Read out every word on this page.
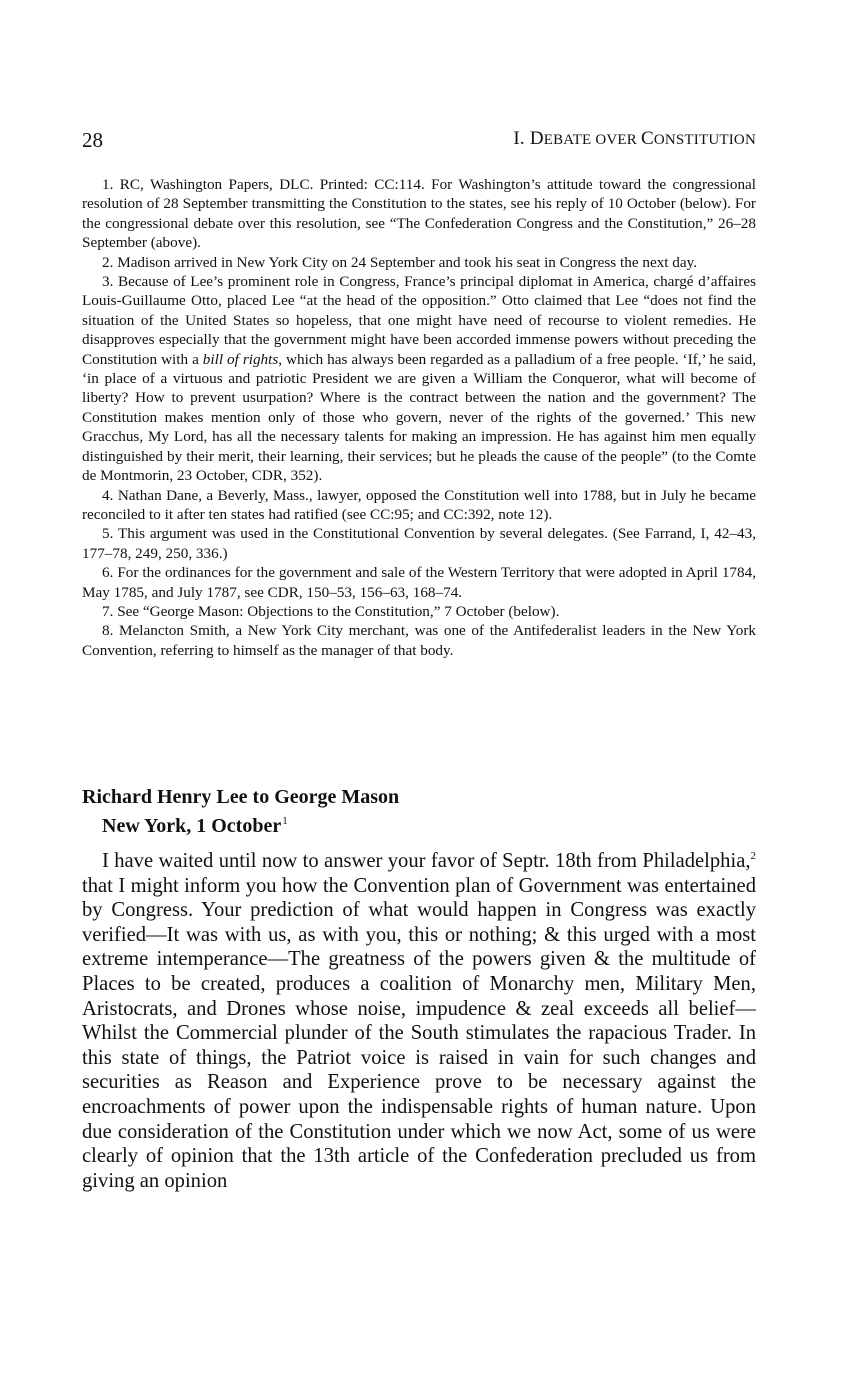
28	I. DEBATE OVER CONSTITUTION

1. RC, Washington Papers, DLC. Printed: CC:114. For Washington’s attitude toward the congressional resolution of 28 September transmitting the Constitution to the states, see his reply of 10 October (below). For the congressional debate over this resolution, see “The Confederation Congress and the Constitution,” 26–28 September (above).

2. Madison arrived in New York City on 24 September and took his seat in Congress the next day.

3. Because of Lee’s prominent role in Congress, France’s principal diplomat in America, chargé d’affaires Louis-Guillaume Otto, placed Lee “at the head of the opposition.” Otto claimed that Lee “does not find the situation of the United States so hopeless, that one might have need of recourse to violent remedies. He disapproves especially that the government might have been accorded immense powers without preceding the Constitution with a bill of rights, which has always been regarded as a palladium of a free people. ‘If,’ he said, ‘in place of a virtuous and patriotic President we are given a William the Conqueror, what will become of liberty? How to prevent usurpation? Where is the contract between the nation and the government? The Constitution makes mention only of those who govern, never of the rights of the governed.’ This new Gracchus, My Lord, has all the necessary talents for making an impression. He has against him men equally distinguished by their merit, their learning, their services; but he pleads the cause of the people” (to the Comte de Montmorin, 23 October, CDR, 352).

4. Nathan Dane, a Beverly, Mass., lawyer, opposed the Constitution well into 1788, but in July he became reconciled to it after ten states had ratified (see CC:95; and CC:392, note 12).

5. This argument was used in the Constitutional Convention by several delegates. (See Farrand, I, 42–43, 177–78, 249, 250, 336.)

6. For the ordinances for the government and sale of the Western Territory that were adopted in April 1784, May 1785, and July 1787, see CDR, 150–53, 156–63, 168–74.

7. See “George Mason: Objections to the Constitution,” 7 October (below).

8. Melancton Smith, a New York City merchant, was one of the Antifederalist leaders in the New York Convention, referring to himself as the manager of that body.

Richard Henry Lee to George Mason
New York, 1 October$^1$

I have waited until now to answer your favor of Septr. 18th from Philadelphia,$^2$ that I might inform you how the Convention plan of Government was entertained by Congress. Your prediction of what would happen in Congress was exactly verified—It was with us, as with you, this or nothing; & this urged with a most extreme intemperance—The greatness of the powers given & the multitude of Places to be created, produces a coalition of Monarchy men, Military Men, Aristocrats, and Drones whose noise, impudence & zeal exceeds all belief—Whilst the Commercial plunder of the South stimulates the rapacious Trader. In this state of things, the Patriot voice is raised in vain for such changes and securities as Reason and Experience prove to be necessary against the encroachments of power upon the indispensable rights of human nature. Upon due consideration of the Constitution under which we now Act, some of us were clearly of opinion that the 13th article of the Confederation precluded us from giving an opinion
